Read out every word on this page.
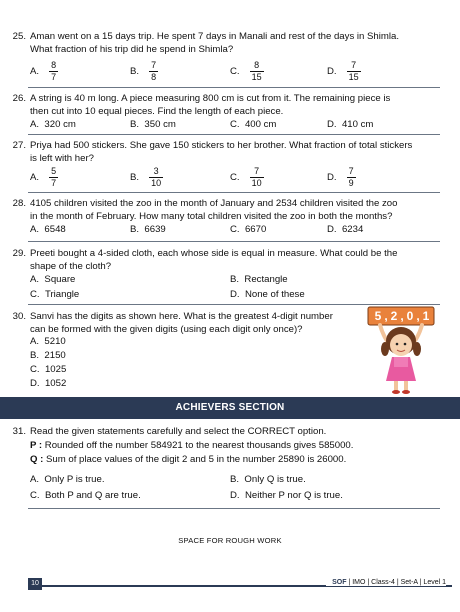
25. Aman went on a 15 days trip. He spent 7 days in Manali and rest of the days in Shimla.
What fraction of his trip did he spend in Shimla?
A. $\frac{8}{7}$	B. $\frac{7}{8}$	C. $\frac{8}{15}$	D. $\frac{7}{15}$
26. A string is 40 m long. A piece measuring 800 cm is cut from it. The remaining piece is
then cut into 10 equal pieces. Find the length of each piece.
A. 320 cm	B. 350 cm	C. 400 cm	D. 410 cm
27. Priya had 500 stickers. She gave 150 stickers to her brother. What fraction of total stickers
is left with her?
A. $\frac{5}{7}$	B. $\frac{3}{10}$	C. $\frac{7}{10}$	D. $\frac{7}{9}$
28. 4105 children visited the zoo in the month of January and 2534 children visited the zoo
in the month of February. How many total children visited the zoo in both the months?
A. 6548	B. 6639	C. 6670	D. 6234
29. Preeti bought a 4-sided cloth, each whose side is equal in measure. What could be the
shape of the cloth?
A. Square	B. Rectangle
C. Triangle	D. None of these
30. Sanvi has the digits as shown here. What is the greatest 4-digit number
can be formed with the given digits (using each digit only once)?
A. 5210
B. 2150
C. 1025
D. 1052
5 , 2 , 0 , 1
ACHIEVERS SECTION
31. Read the given statements carefully and select the CORRECT option.
P : Rounded off the number 584921 to the nearest thousands gives 585000.
Q : Sum of place values of the digit 2 and 5 in the number 25890 is 26000.
A. Only P is true.	B. Only Q is true.
C. Both P and Q are true.	D. Neither P nor Q is true.
SPACE FOR ROUGH WORK
10	SOF | IMO | Class-4 | Set-A | Level 1
